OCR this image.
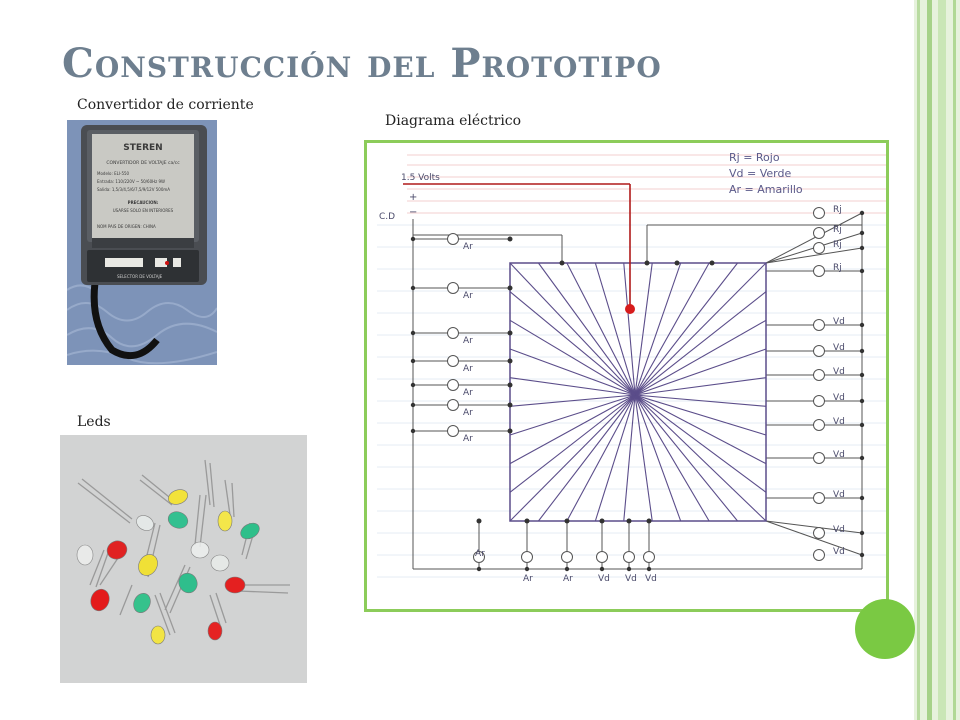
Construcción del Prototipo
Convertidor de corriente
Diagrama eléctrico
Leds
STEREN
CONVERTIDOR DE VOLTAJE ca/cc
Modelo: ELI-550
Entrada: 110/220V ~ 50/60Hz 9W
Salida: 1,5/3/4,5/6/7,5/9/12V 500mA
PRECAUCION:
USARSE SOLO EN INTERIORES
NOM PAIS DE ORIGEN: CHINA
SELECTOR DE VOLTAJE
1.5 Volts
C.D
+
−
Rj = Rojo
Vd = Verde
Ar = Amarillo
Ar
Ar
Ar
Ar
Ar
Ar
Ar
Rj
Rj
Rj
Rj
Vd
Vd
Vd
Vd
Vd
Vd
Vd
Vd
Vd
Ar
Ar	Ar	Vd Vd Vd
